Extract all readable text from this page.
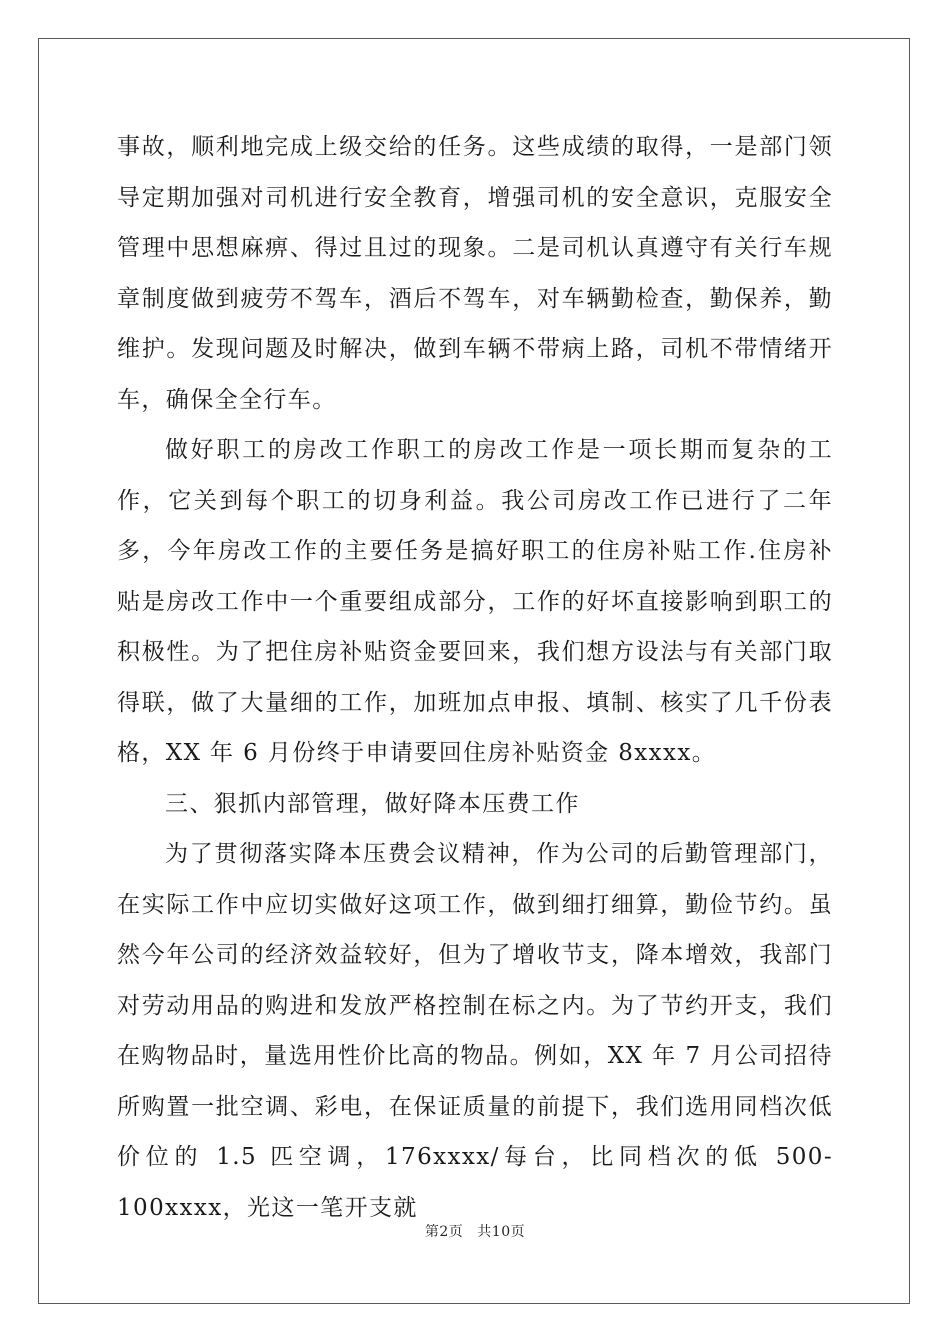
事故，顺利地完成上级交给的任务。这些成绩的取得，一是部门领导定期加强对司机进行安全教育，增强司机的安全意识，克服安全管理中思想麻痹、得过且过的现象。二是司机认真遵守有关行车规章制度做到疲劳不驾车，酒后不驾车，对车辆勤检查，勤保养，勤维护。发现问题及时解决，做到车辆不带病上路，司机不带情绪开车，确保全全行车。

做好职工的房改工作职工的房改工作是一项长期而复杂的工作，它关到每个职工的切身利益。我公司房改工作已进行了二年多，今年房改工作的主要任务是搞好职工的住房补贴工作.住房补贴是房改工作中一个重要组成部分，工作的好坏直接影响到职工的积极性。为了把住房补贴资金要回来，我们想方设法与有关部门取得联，做了大量细的工作，加班加点申报、填制、核实了几千份表格，XX 年 6 月份终于申请要回住房补贴资金 8xxxx。

三、狠抓内部管理，做好降本压费工作

为了贯彻落实降本压费会议精神，作为公司的后勤管理部门，在实际工作中应切实做好这项工作，做到细打细算，勤俭节约。虽然今年公司的经济效益较好，但为了增收节支，降本增效，我部门对劳动用品的购进和发放严格控制在标之内。为了节约开支，我们在购物品时，量选用性价比高的物品。例如，XX 年 7 月公司招待所购置一批空调、彩电，在保证质量的前提下，我们选用同档次低价位的 1.5 匹空调，176xxxx/每台，比同档次的低 500-100xxxx，光这一笔开支就

第2页 共10页
